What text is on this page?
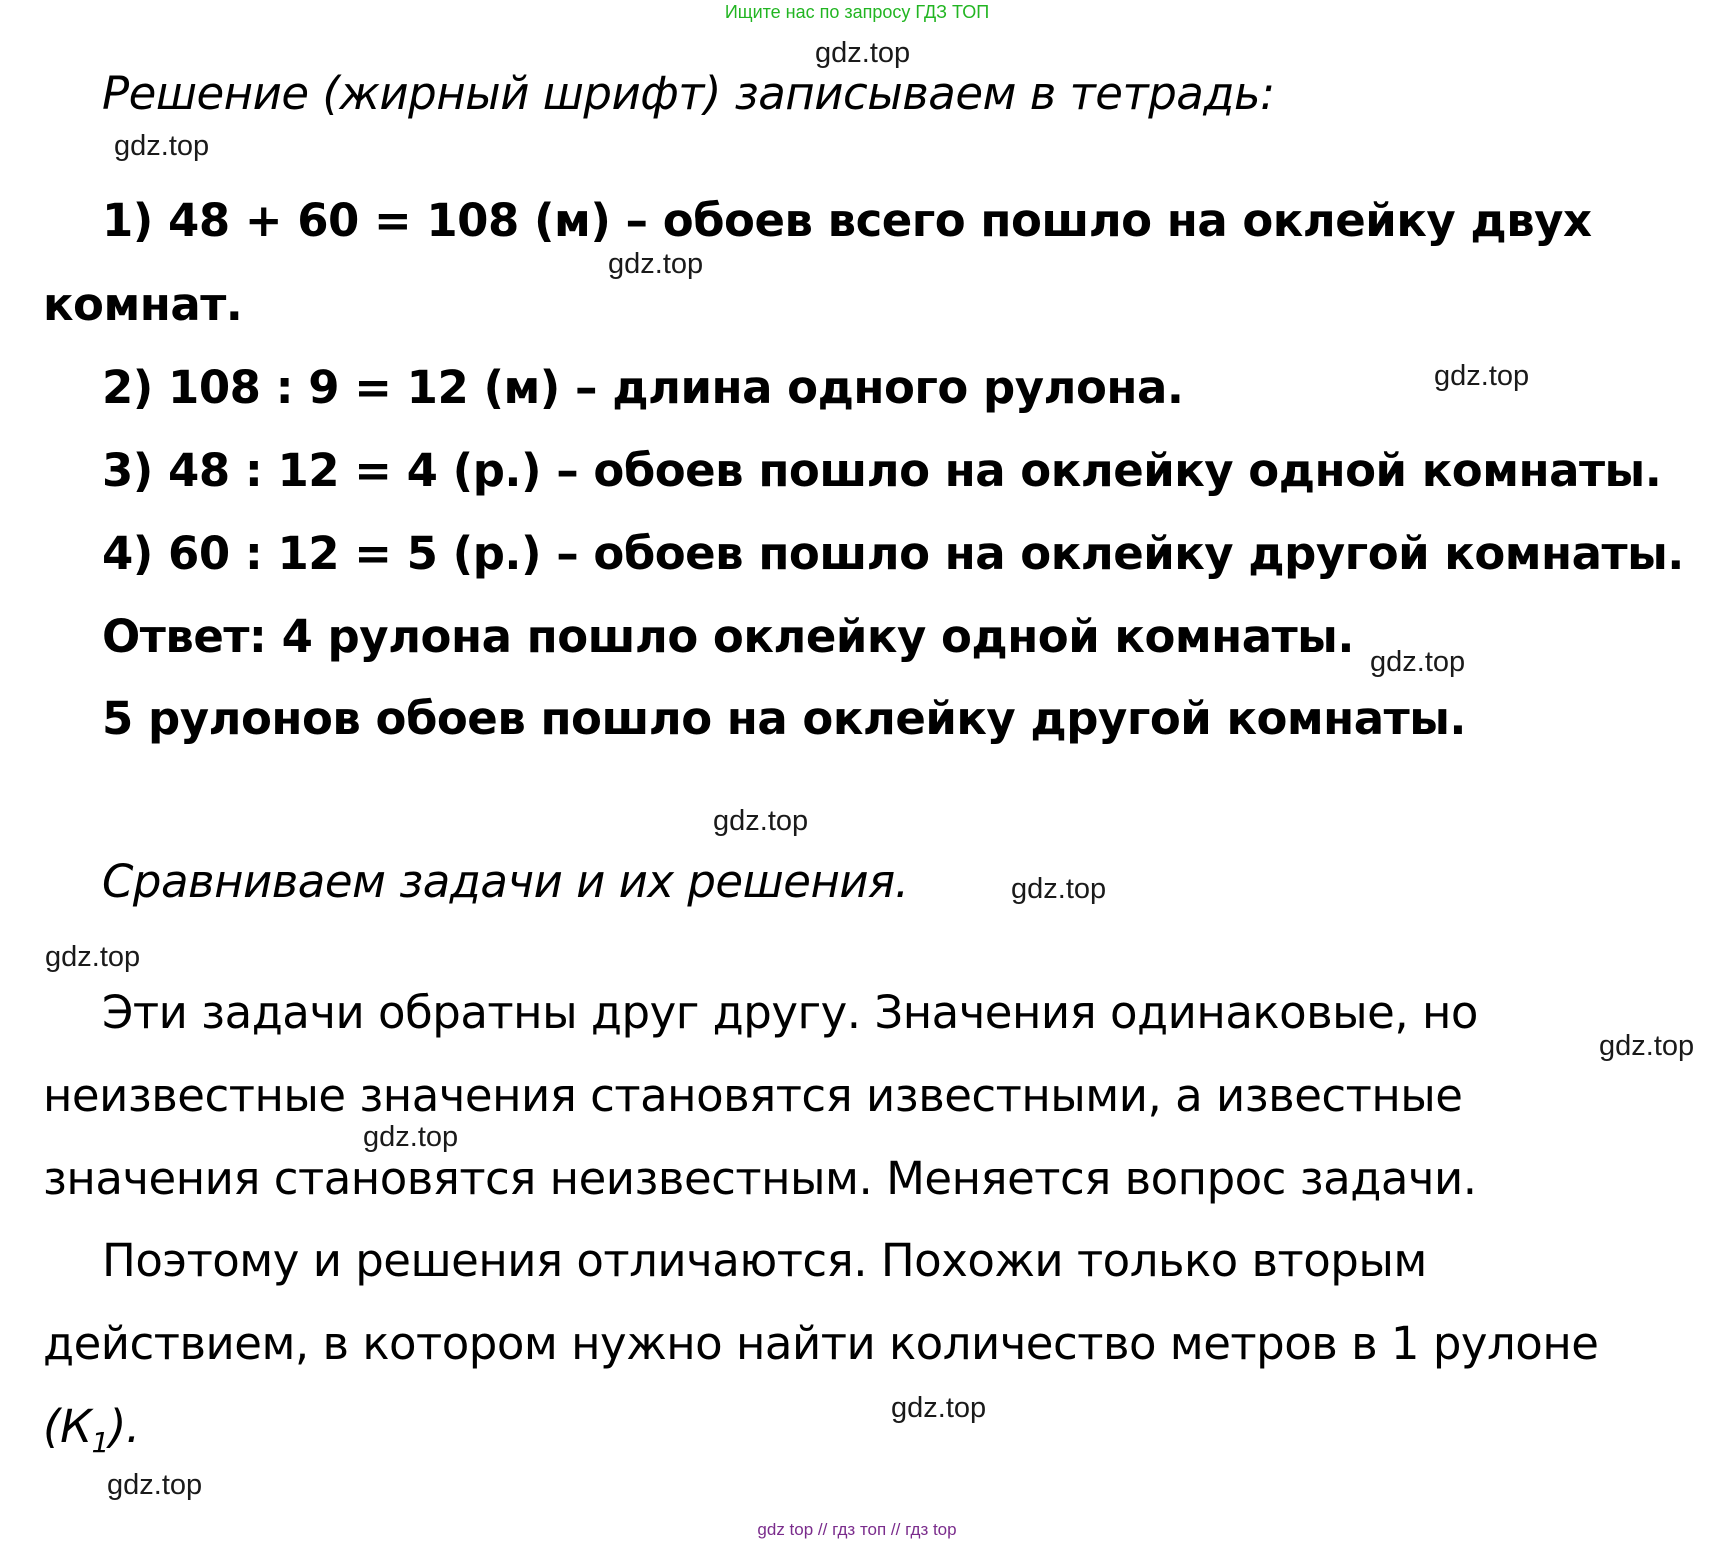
Ищите нас по запросу ГДЗ ТОП
gdz.top
gdz.top
gdz.top
gdz.top
gdz.top
gdz.top
gdz.top
gdz.top
gdz.top
gdz.top
gdz.top
gdz.top
Решение (жирный шрифт) записываем в тетрадь:
1) 48 + 60 = 108 (м) – обоев всего пошло на оклейку двух
комнат.
2) 108 : 9 = 12 (м) – длина одного рулона.
3) 48 : 12 = 4 (р.) – обоев пошло на оклейку одной комнаты.
4) 60 : 12 = 5 (р.) – обоев пошло на оклейку другой комнаты.
Ответ: 4 рулона пошло оклейку одной комнаты.
5 рулонов обоев пошло на оклейку другой комнаты.
Сравниваем задачи и их решения.
Эти задачи обратны друг другу. Значения одинаковые, но
неизвестные значения становятся известными, а известные
значения становятся неизвестным. Меняется вопрос задачи.
Поэтому и решения отличаются. Похожи только вторым
действием, в котором нужно найти количество метров в 1 рулоне
$(К_1)$.
gdz top // гдз топ // гдз top
